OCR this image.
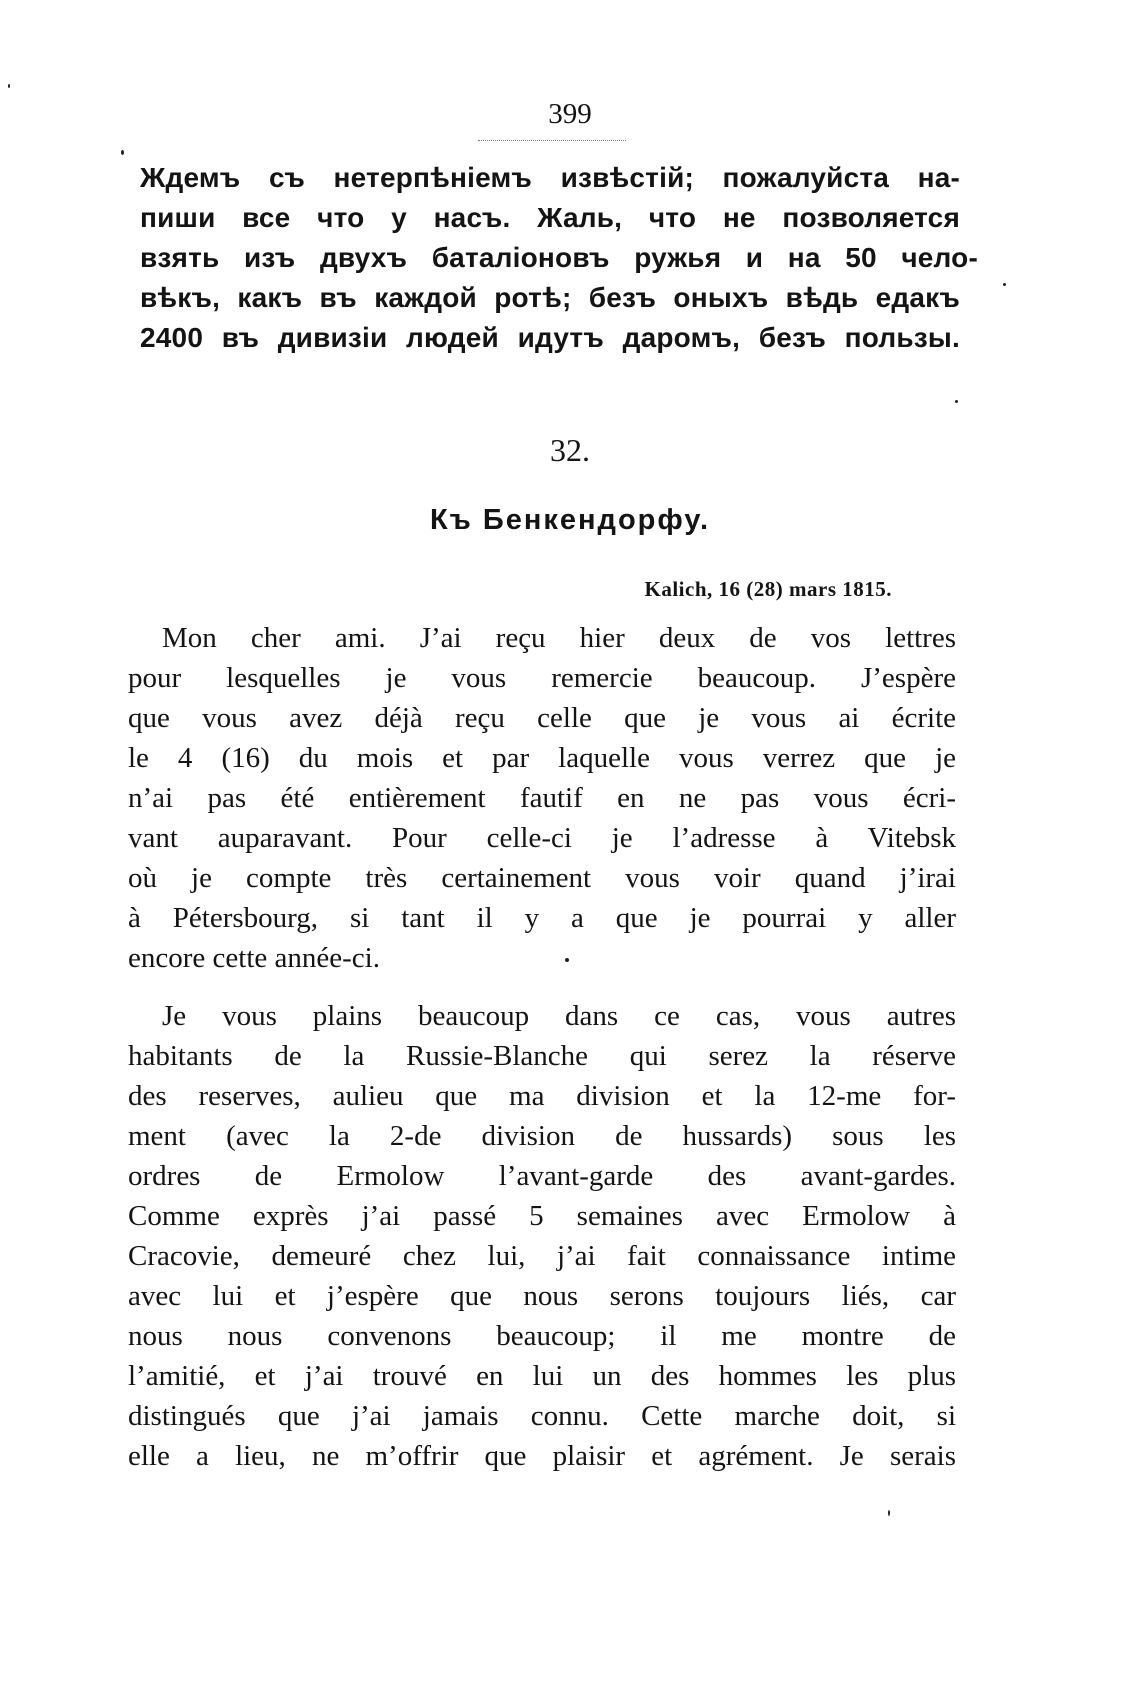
399
Ждемъ съ нетерпѣніемъ извѣстій; пожалуйста на-
пиши все что у насъ. Жаль, что не позволяется
взять изъ двухъ баталіоновъ ружья и на 50 чело-
вѣкъ, какъ въ каждой ротѣ; безъ оныхъ вѣдь едакъ
2400 въ дивизіи людей идутъ даромъ, безъ пользы.
32.
Къ Бенкендорфу.
Kalich, 16 (28) mars 1815.
Mon cher ami. J’ai reçu hier deux de vos lettres
pour lesquelles je vous remercie beaucoup. J’espère
que vous avez déjà reçu celle que je vous ai écrite
le 4 (16) du mois et par laquelle vous verrez que je
n’ai pas été entièrement fautif en ne pas vous écri-
vant auparavant. Pour celle-ci je l’adresse à Vitebsk
où je compte très certainement vous voir quand j’irai
à Pétersbourg, si tant il y a que je pourrai y aller
encore cette année-ci.
Je vous plains beaucoup dans ce cas, vous autres
habitants de la Russie-Blanche qui serez la réserve
des reserves, aulieu que ma division et la 12-me for-
ment (avec la 2-de division de hussards) sous les
ordres de Ermolow l’avant-garde des avant-gardes.
Comme exprès j’ai passé 5 semaines avec Ermolow à
Cracovie, demeuré chez lui, j’ai fait connaissance intime
avec lui et j’espère que nous serons toujours liés, car
nous nous convenons beaucoup; il me montre de
l’amitié, et j’ai trouvé en lui un des hommes les plus
distingués que j’ai jamais connu. Cette marche doit, si
elle a lieu, ne m’offrir que plaisir et agrément. Je serais
